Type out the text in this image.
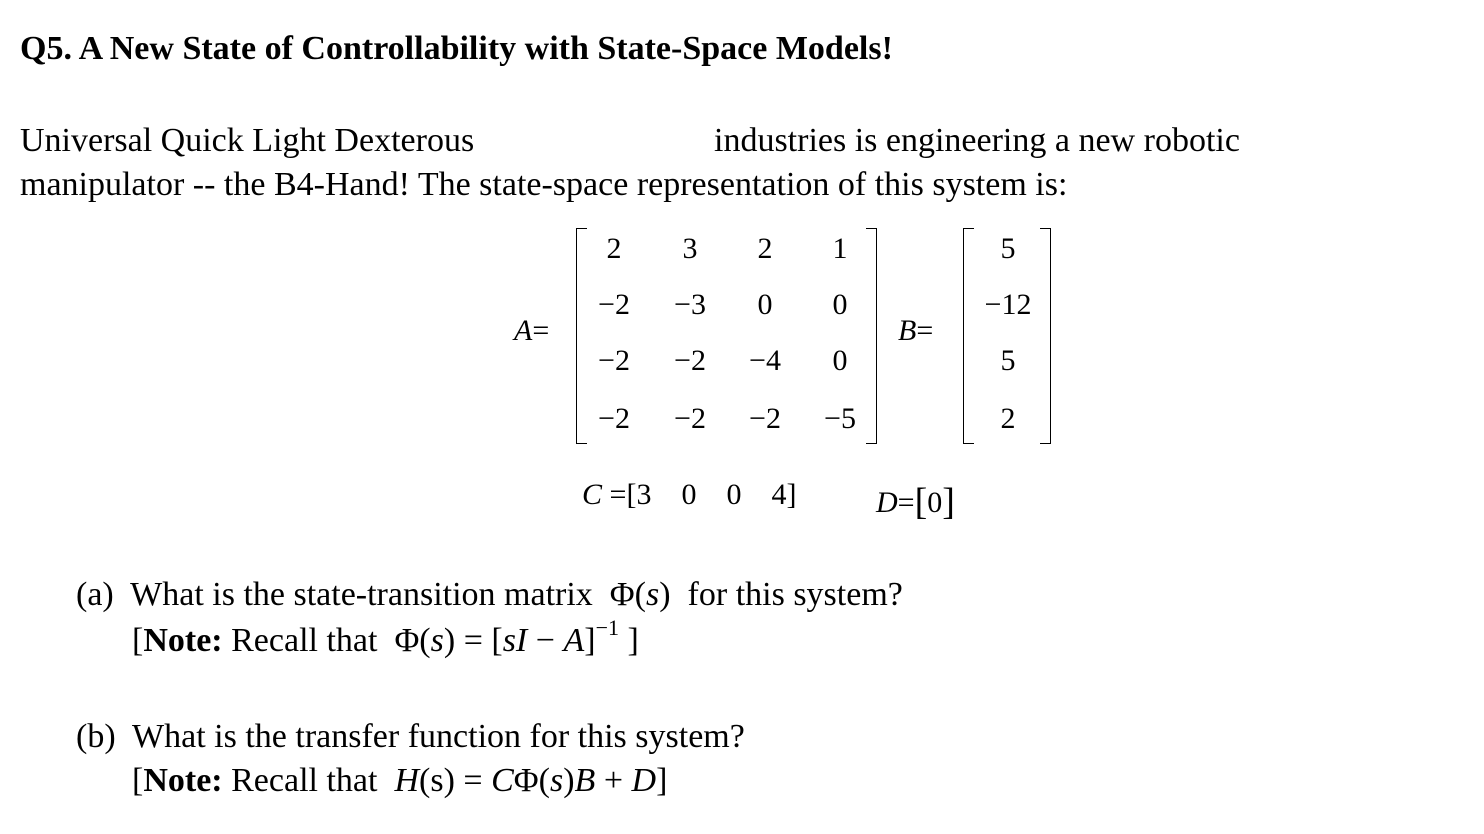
Q5. A New State of Controllability with State-Space Models!
Universal Quick Light Dexterous	industries is engineering a new robotic
manipulator -- the B4-Hand! The state-space representation of this system is:
A=
2	3	2	1
−2	−3	0	0
−2	−2	−4	0
−2	−2	−2	−5
B=
5
−12
5
2
C =[3 0 0 4]	D=[0]
(a) What is the state-transition matrix Φ(s) for this system?
[Note: Recall that Φ(s) = [sI − A]$^{-1}$ ]
(b) What is the transfer function for this system?
[Note: Recall that H(s) = CΦ(s)B + D]
